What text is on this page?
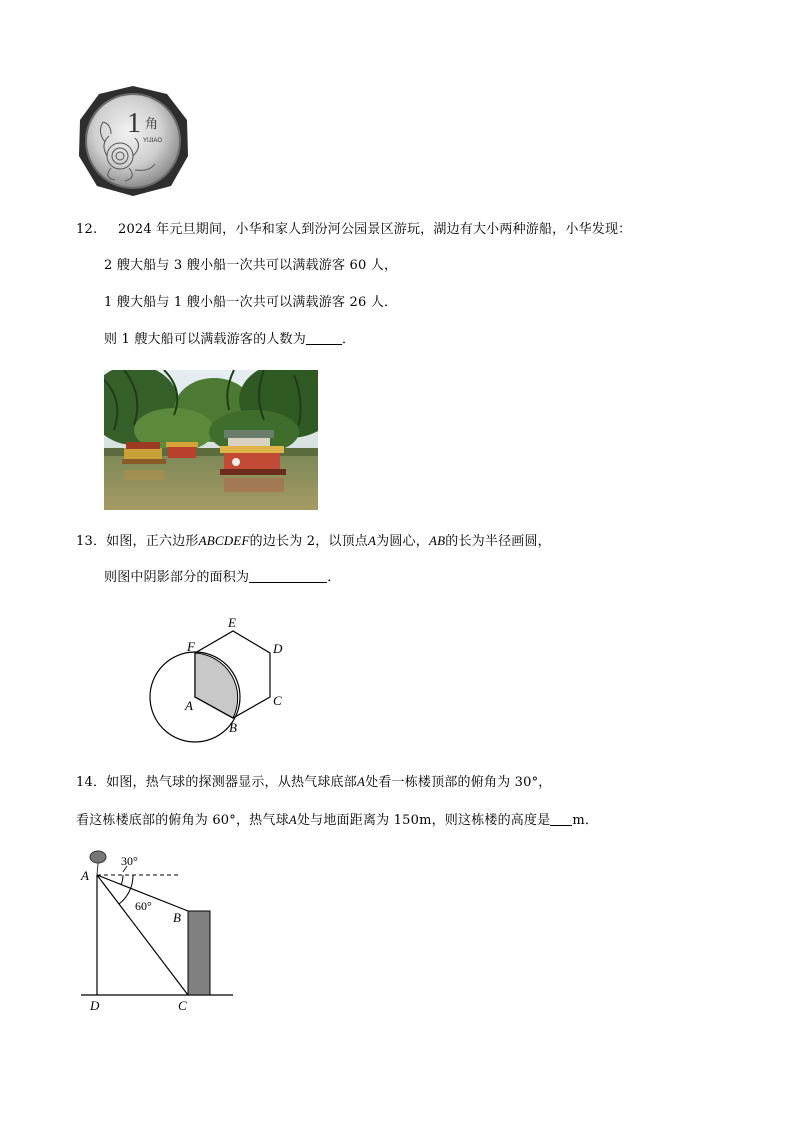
1 角
YIJIAO
12. 2024 年元旦期间，小华和家人到汾河公园景区游玩，湖边有大小两种游船，小华发现：
2 艘大船与 3 艘小船一次共可以满载游客 60 人，
1 艘大船与 1 艘小船一次共可以满载游客 26 人．
则 1 艘大船可以满载游客的人数为	．
13．如图，正六边形ABCDEF的边长为 2，以顶点A为圆心，AB的长为半径画圆，
则图中阴影部分的面积为	．
A
B
C
D
E
F
14．如图，热气球的探测器显示，从热气球底部A处看一栋楼顶部的俯角为 30°，
看这栋楼底部的俯角为 60°，热气球A处与地面距离为 150m，则这栋楼的高度是 m．
30°
60°
A
B
C
D
